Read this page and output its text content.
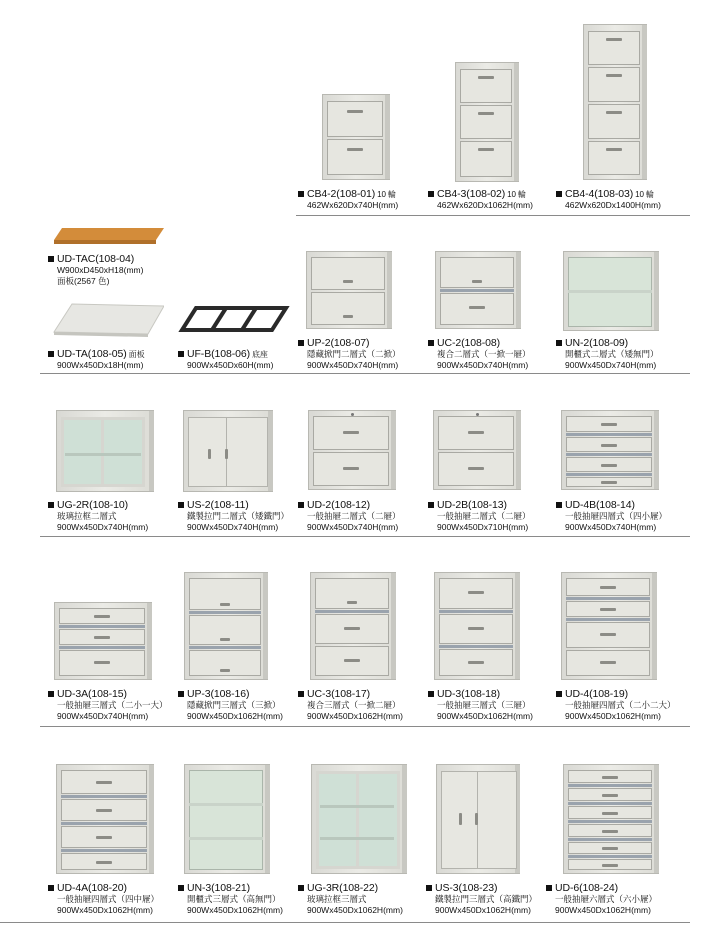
CB4-2(108-01) 10 輪
462Wx620Dx740H(mm)
CB4-3(108-02) 10 輪
462Wx620Dx1062H(mm)
CB4-4(108-03) 10 輪
462Wx620Dx1400H(mm)
UD-TAC(108-04)
W900xD450xH18(mm)
面板(2567 色)
UD-TA(108-05) 面板
900Wx450Dx18H(mm)
UF-B(108-06) 底座
900Wx450Dx60H(mm)
UP-2(108-07)
隱藏掀門二層式（二掀）
900Wx450Dx740H(mm)
UC-2(108-08)
複合二層式（一掀一屜）
900Wx450Dx740H(mm)
UN-2(108-09)
開櫃式二層式（矮無門）
900Wx450Dx740H(mm)
UG-2R(108-10)
玻璃拉框二層式
900Wx450Dx740H(mm)
US-2(108-11)
鐵製拉門二層式（矮鐵門）
900Wx450Dx740H(mm)
UD-2(108-12)
一般抽屜二層式（二屜）
900Wx450Dx740H(mm)
UD-2B(108-13)
一般抽屜二層式（二屜）
900Wx450Dx710H(mm)
UD-4B(108-14)
一般抽屜四層式（四小屜）
900Wx450Dx740H(mm)
UD-3A(108-15)
一般抽屜三層式（二小一大）
900Wx450Dx740H(mm)
UP-3(108-16)
隱藏掀門三層式（三掀）
900Wx450Dx1062H(mm)
UC-3(108-17)
複合三層式（一掀二屜）
900Wx450Dx1062H(mm)
UD-3(108-18)
一般抽屜三層式（三屜）
900Wx450Dx1062H(mm)
UD-4(108-19)
一般抽屜四層式（二小二大）
900Wx450Dx1062H(mm)
UD-4A(108-20)
一般抽屜四層式（四中屜）
900Wx450Dx1062H(mm)
UN-3(108-21)
開櫃式三層式（高無門）
900Wx450Dx1062H(mm)
UG-3R(108-22)
玻璃拉框三層式
900Wx450Dx1062H(mm)
US-3(108-23)
鐵製拉門三層式（高鐵門）
900Wx450Dx1062H(mm)
UD-6(108-24)
一般抽屜六層式（六小屜）
900Wx450Dx1062H(mm)
